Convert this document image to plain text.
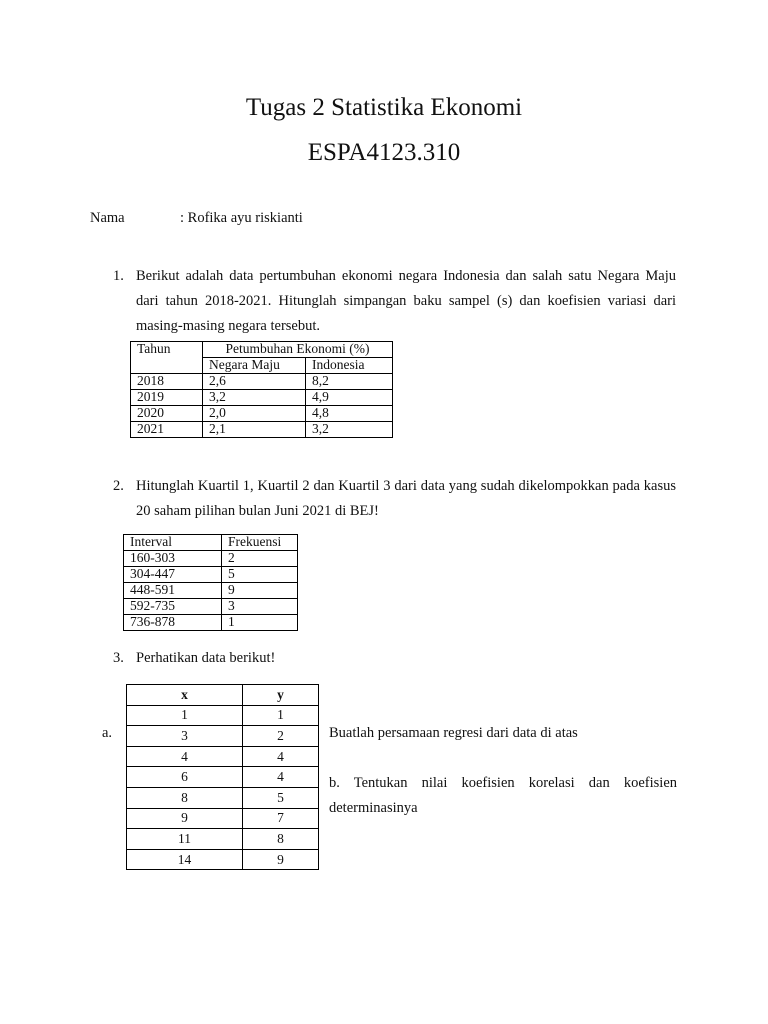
Tugas 2 Statistika Ekonomi
ESPA4123.310
Nama	: Rofika ayu riskianti
1. Berikut adalah data pertumbuhan ekonomi negara Indonesia dan salah satu Negara Maju dari tahun 2018-2021. Hitunglah simpangan baku sampel (s) dan koefisien variasi dari masing-masing negara tersebut.
Tahun	Petumbuhan Ekonomi (%)	
	Negara Maju	Indonesia
2018	2,6	8,2
2019	3,2	4,9
2020	2,0	4,8
2021	2,1	3,2
2. Hitunglah Kuartil 1, Kuartil 2 dan Kuartil 3 dari data yang sudah dikelompokkan pada kasus 20 saham pilihan bulan Juni 2021 di BEJ!
Interval	Frekuensi
160-303	2
304-447	5
448-591	9
592-735	3
736-878	1
3. Perhatikan data berikut!
x	y
1	1
3	2
4	4
6	4
8	5
9	7
11	8
14	9
a.	Buatlah persamaan regresi dari data di atas
b. Tentukan nilai koefisien korelasi dan koefisien determinasinya
